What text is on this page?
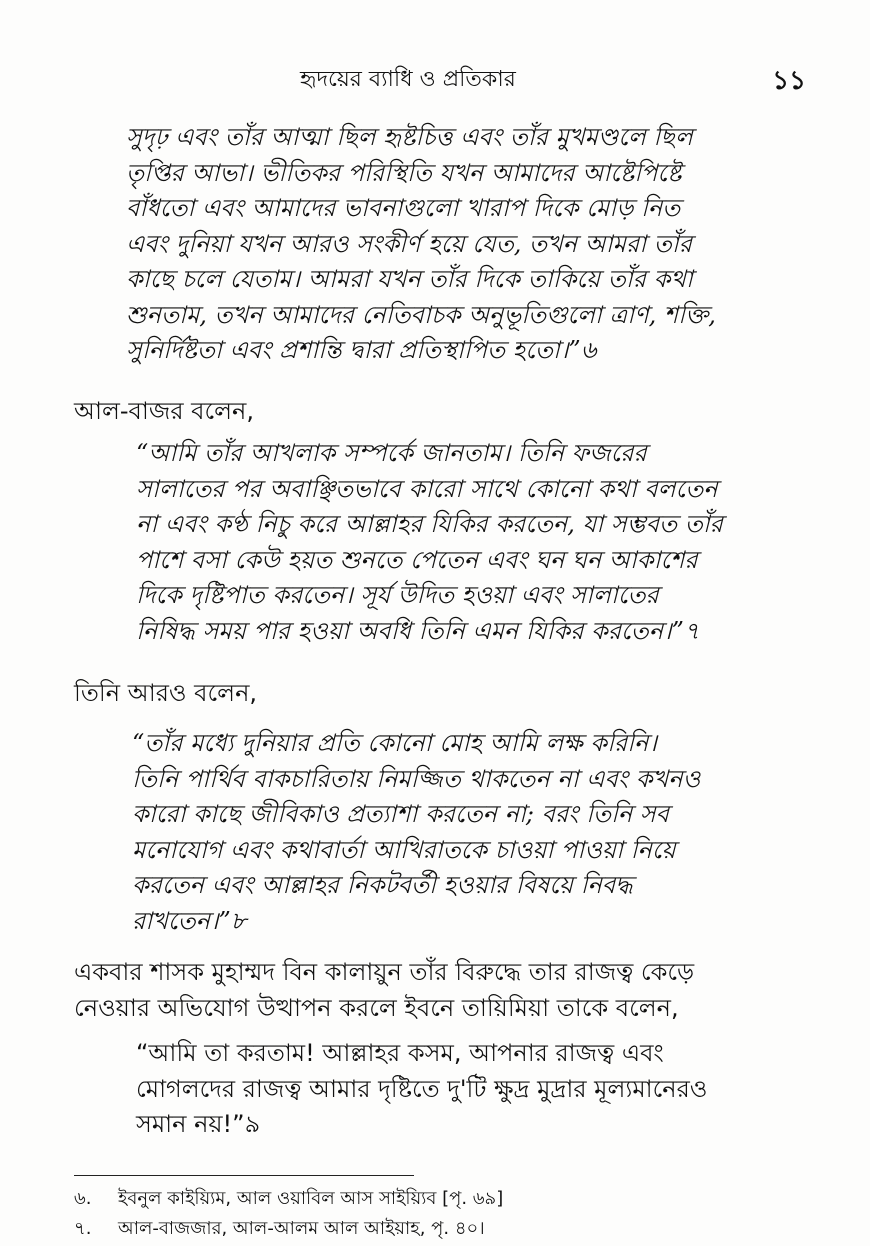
হৃদয়ের ব্যাধি ও প্রতিকার	১১
সুদৃঢ় এবং তাঁর আত্মা ছিল হৃষ্টচিত্ত এবং তাঁর মুখমণ্ডলে ছিল
তৃপ্তির আভা। ভীতিকর পরিস্থিতি যখন আমাদের আষ্টেপিষ্টে
বাঁধতো এবং আমাদের ভাবনাগুলো খারাপ দিকে মোড় নিত
এবং দুনিয়া যখন আরও সংকীর্ণ হয়ে যেত, তখন আমরা তাঁর
কাছে চলে যেতাম। আমরা যখন তাঁর দিকে তাকিয়ে তাঁর কথা
শুনতাম, তখন আমাদের নেতিবাচক অনুভূতিগুলো ত্রাণ, শক্তি,
সুনির্দিষ্টতা এবং প্রশান্তি দ্বারা প্রতিস্থাপিত হতো।”৬
আল-বাজর বলেন,
“আমি তাঁর আখলাক সম্পর্কে জানতাম। তিনি ফজরের
সালাতের পর অবাঞ্ছিতভাবে কারো সাথে কোনো কথা বলতেন
না এবং কণ্ঠ নিচু করে আল্লাহর যিকির করতেন, যা সম্ভবত তাঁর
পাশে বসা কেউ হয়ত শুনতে পেতেন এবং ঘন ঘন আকাশের
দিকে দৃষ্টিপাত করতেন। সূর্য উদিত হওয়া এবং সালাতের
নিষিদ্ধ সময় পার হওয়া অবধি তিনি এমন যিকির করতেন।”৭
তিনি আরও বলেন,
“তাঁর মধ্যে দুনিয়ার প্রতি কোনো মোহ আমি লক্ষ করিনি।
তিনি পার্থিব বাকচারিতায় নিমজ্জিত থাকতেন না এবং কখনও
কারো কাছে জীবিকাও প্রত্যাশা করতেন না; বরং তিনি সব
মনোযোগ এবং কথাবার্তা আখিরাতকে চাওয়া পাওয়া নিয়ে
করতেন এবং আল্লাহর নিকটবর্তী হওয়ার বিষয়ে নিবদ্ধ
রাখতেন।”৮
একবার শাসক মুহাম্মদ বিন কালায়ুন তাঁর বিরুদ্ধে তার রাজত্ব কেড়ে
নেওয়ার অভিযোগ উত্থাপন করলে ইবনে তায়িমিয়া তাকে বলেন,
“আমি তা করতাম! আল্লাহর কসম, আপনার রাজত্ব এবং
মোগলদের রাজত্ব আমার দৃষ্টিতে দু'টি ক্ষুদ্র মুদ্রার মূল্যমানেরও
সমান নয়!”৯
৬. ইবনুল কাইয়্যিম, আল ওয়াবিল আস সাইয়্যিব [পৃ. ৬৯]
৭. আল-বাজজার, আল-আলম আল আইয়াহ, পৃ. ৪০।
